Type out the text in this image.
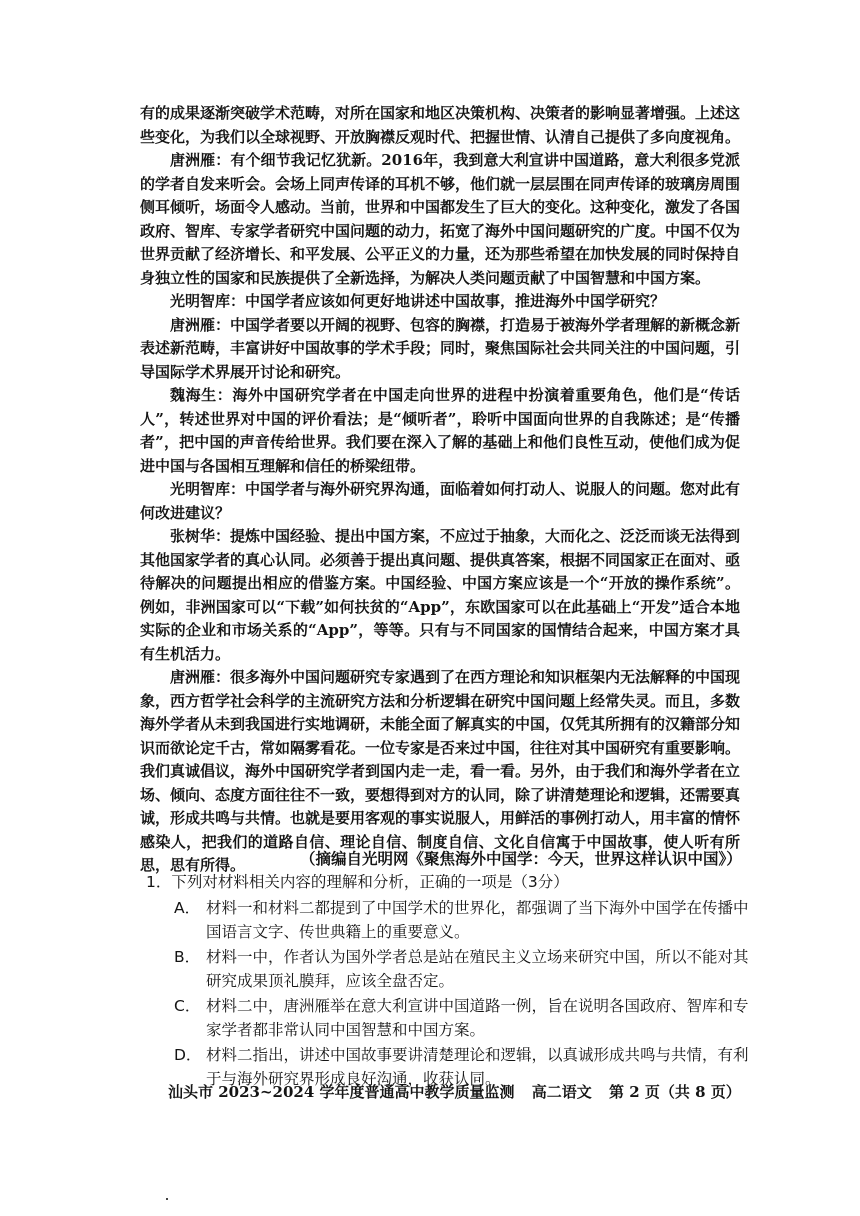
有的成果逐渐突破学术范畴，对所在国家和地区决策机构、决策者的影响显著增强。上述这些变化，为我们以全球视野、开放胸襟反观时代、把握世情、认清自己提供了多向度视角。

唐洲雁：有个细节我记忆犹新。2016年，我到意大利宣讲中国道路，意大利很多党派的学者自发来听会。会场上同声传译的耳机不够，他们就一层层围在同声传译的玻璃房周围侧耳倾听，场面令人感动。当前，世界和中国都发生了巨大的变化。这种变化，激发了各国政府、智库、专家学者研究中国问题的动力，拓宽了海外中国问题研究的广度。中国不仅为世界贡献了经济增长、和平发展、公平正义的力量，还为那些希望在加快发展的同时保持自身独立性的国家和民族提供了全新选择，为解决人类问题贡献了中国智慧和中国方案。

光明智库：中国学者应该如何更好地讲述中国故事，推进海外中国学研究？

唐洲雁：中国学者要以开阔的视野、包容的胸襟，打造易于被海外学者理解的新概念新表述新范畴，丰富讲好中国故事的学术手段；同时，聚焦国际社会共同关注的中国问题，引导国际学术界展开讨论和研究。

魏海生：海外中国研究学者在中国走向世界的进程中扮演着重要角色，他们是“传话人”，转述世界对中国的评价看法；是“倾听者”，聆听中国面向世界的自我陈述；是“传播者”，把中国的声音传给世界。我们要在深入了解的基础上和他们良性互动，使他们成为促进中国与各国相互理解和信任的桥梁纽带。

光明智库：中国学者与海外研究界沟通，面临着如何打动人、说服人的问题。您对此有何改进建议？

张树华：提炼中国经验、提出中国方案，不应过于抽象，大而化之、泛泛而谈无法得到其他国家学者的真心认同。必须善于提出真问题、提供真答案，根据不同国家正在面对、亟待解决的问题提出相应的借鉴方案。中国经验、中国方案应该是一个“开放的操作系统”。例如，非洲国家可以“下载”如何扶贫的“App”，东欧国家可以在此基础上“开发”适合本地实际的企业和市场关系的“App”，等等。只有与不同国家的国情结合起来，中国方案才具有生机活力。

唐洲雁：很多海外中国问题研究专家遇到了在西方理论和知识框架内无法解释的中国现象，西方哲学社会科学的主流研究方法和分析逻辑在研究中国问题上经常失灵。而且，多数海外学者从未到我国进行实地调研，未能全面了解真实的中国，仅凭其所拥有的汉籍部分知识而欲论定千古，常如隔雾看花。一位专家是否来过中国，往往对其中国研究有重要影响。我们真诚倡议，海外中国研究学者到国内走一走，看一看。另外，由于我们和海外学者在立场、倾向、态度方面往往不一致，要想得到对方的认同，除了讲清楚理论和逻辑，还需要真诚，形成共鸣与共情。也就是要用客观的事实说服人，用鲜活的事例打动人，用丰富的情怀感染人，把我们的道路自信、理论自信、制度自信、文化自信寓于中国故事，使人听有所思，思有所得。	（摘编自光明网《聚焦海外中国学：今天，世界这样认识中国》）

1．下列对材料相关内容的理解和分析，正确的一项是（3分）

A． 材料一和材料二都提到了中国学术的世界化，都强调了当下海外中国学在传播中国语言文字、传世典籍上的重要意义。
B． 材料一中，作者认为国外学者总是站在殖民主义立场来研究中国，所以不能对其研究成果顶礼膜拜，应该全盘否定。
C． 材料二中，唐洲雁举在意大利宣讲中国道路一例，旨在说明各国政府、智库和专家学者都非常认同中国智慧和中国方案。
D． 材料二指出，讲述中国故事要讲清楚理论和逻辑，以真诚形成共鸣与共情，有利于与海外研究界形成良好沟通，收获认同。
汕头市 2023~2024 学年度普通高中教学质量监测 高二语文 第 2 页（共 8 页）
